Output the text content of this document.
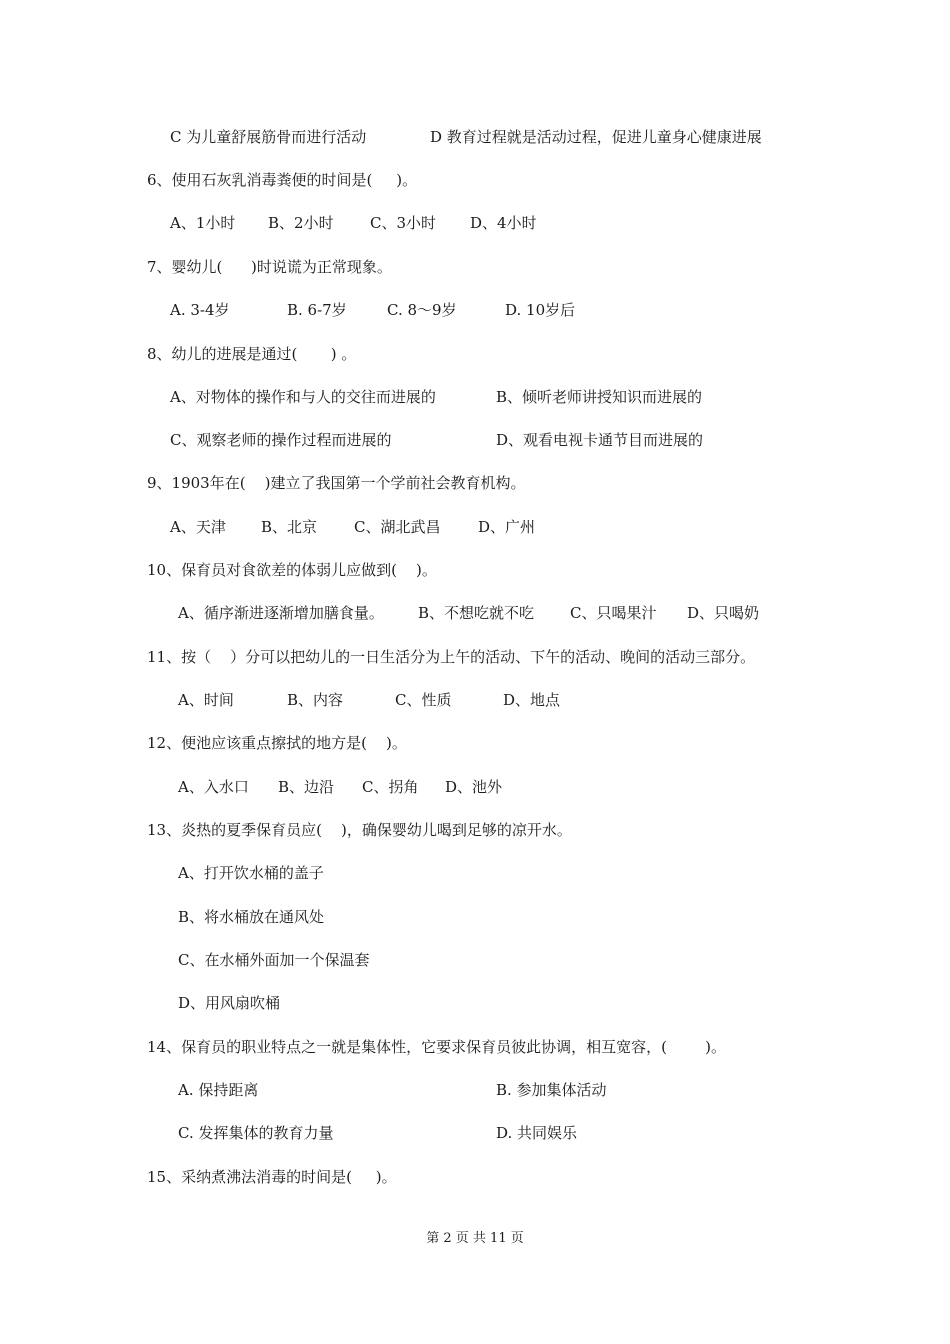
C 为儿童舒展筋骨而进行活动	D 教育过程就是活动过程，促进儿童身心健康进展
6、使用石灰乳消毒粪便的时间是(     )。
A、1小时 B、2小时 C、3小时 D、4小时
7、婴幼儿(      )时说谎为正常现象。
A. 3-4岁	B. 6-7岁	C. 8～9岁	D. 10岁后
8、幼儿的进展是通过(       ) 。
A、对物体的操作和与人的交往而进展的	B、倾听老师讲授知识而进展的
C、观察老师的操作过程而进展的	D、观看电视卡通节目而进展的
9、1903年在(    )建立了我国第一个学前社会教育机构。
A、天津 B、北京 C、湖北武昌	D、广州
10、保育员对食欲差的体弱儿应做到(    )。
A、循序渐进逐渐增加膳食量。 B、不想吃就不吃 C、只喝果汁 D、只喝奶
11、按（    ）分可以把幼儿的一日生活分为上午的活动、下午的活动、晚间的活动三部分。
A、时间	B、内容	C、性质	D、地点
12、便池应该重点擦拭的地方是(    )。
A、入水口 B、边沿 C、拐角 D、池外
13、炎热的夏季保育员应(    )，确保婴幼儿喝到足够的凉开水。
A、打开饮水桶的盖子
B、将水桶放在通风处
C、在水桶外面加一个保温套
D、用风扇吹桶
14、保育员的职业特点之一就是集体性，它要求保育员彼此协调，相互宽容，(        )。
A. 保持距离	B. 参加集体活动
C. 发挥集体的教育力量	D. 共同娱乐
15、采纳煮沸法消毒的时间是(     )。
第 2 页 共 11 页
